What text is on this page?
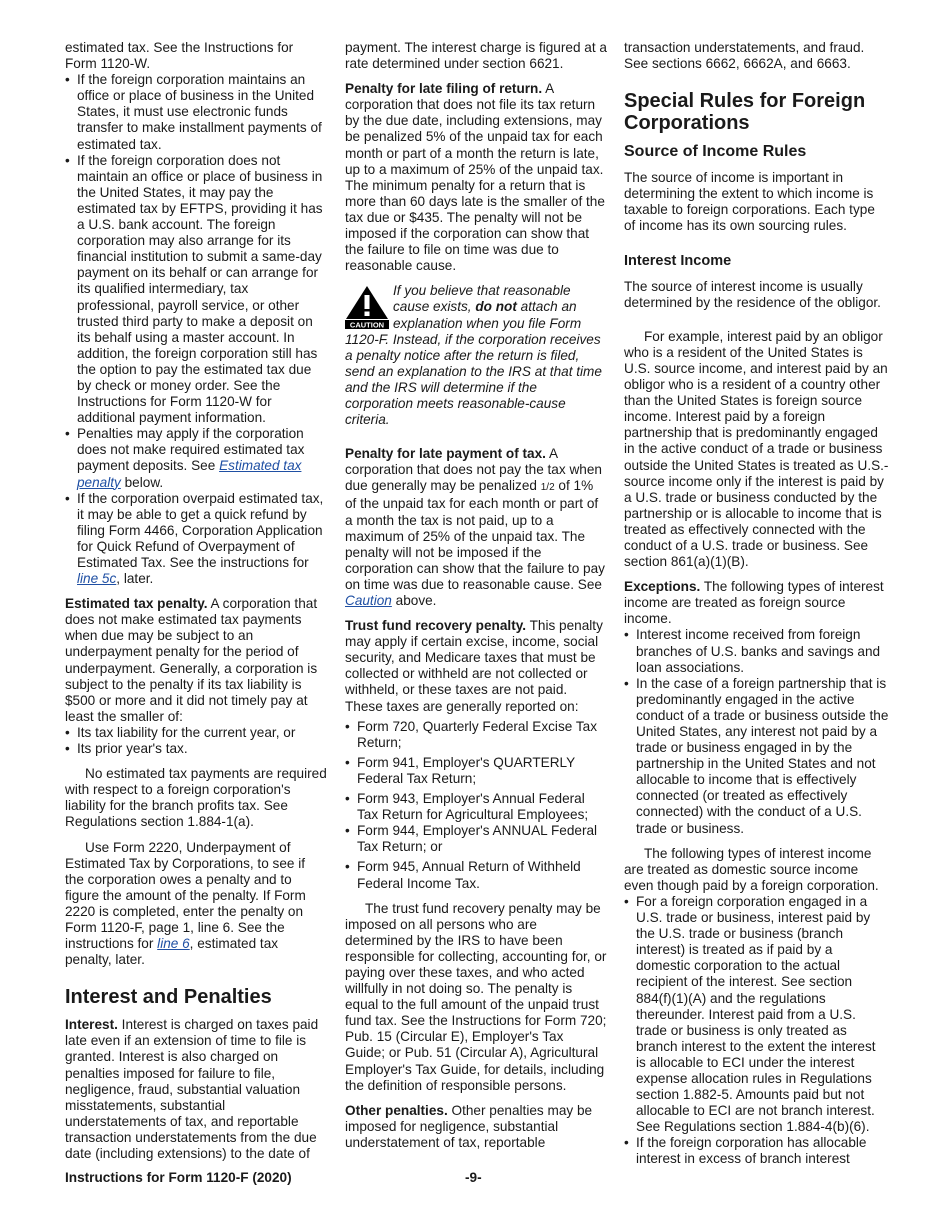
estimated tax. See the Instructions for Form 1120-W.

• If the foreign corporation maintains an office or place of business in the United States, it must use electronic funds transfer to make installment payments of estimated tax.

• If the foreign corporation does not maintain an office or place of business in the United States, it may pay the estimated tax by EFTPS, providing it has a U.S. bank account. The foreign corporation may also arrange for its financial institution to submit a same-day payment on its behalf or can arrange for its qualified intermediary, tax professional, payroll service, or other trusted third party to make a deposit on its behalf using a master account. In addition, the foreign corporation still has the option to pay the estimated tax due by check or money order. See the Instructions for Form 1120-W for additional payment information.

• Penalties may apply if the corporation does not make required estimated tax payment deposits. See Estimated tax penalty below.

• If the corporation overpaid estimated tax, it may be able to get a quick refund by filing Form 4466, Corporation Application for Quick Refund of Overpayment of Estimated Tax. See the instructions for line 5c, later.

Estimated tax penalty. A corporation that does not make estimated tax payments when due may be subject to an underpayment penalty for the period of underpayment. Generally, a corporation is subject to the penalty if its tax liability is $500 or more and it did not timely pay at least the smaller of:

• Its tax liability for the current year, or

• Its prior year's tax.

No estimated tax payments are required with respect to a foreign corporation's liability for the branch profits tax. See Regulations section 1.884-1(a).

Use Form 2220, Underpayment of Estimated Tax by Corporations, to see if the corporation owes a penalty and to figure the amount of the penalty. If Form 2220 is completed, enter the penalty on Form 1120-F, page 1, line 6. See the instructions for line 6, estimated tax penalty, later.

Interest and Penalties

Interest. Interest is charged on taxes paid late even if an extension of time to file is granted. Interest is also charged on penalties imposed for failure to file, negligence, fraud, substantial valuation misstatements, substantial understatements of tax, and reportable transaction understatements from the due date (including extensions) to the date of

payment. The interest charge is figured at a rate determined under section 6621.

Penalty for late filing of return. A corporation that does not file its tax return by the due date, including extensions, may be penalized 5% of the unpaid tax for each month or part of a month the return is late, up to a maximum of 25% of the unpaid tax. The minimum penalty for a return that is more than 60 days late is the smaller of the tax due or $435. The penalty will not be imposed if the corporation can show that the failure to file on time was due to reasonable cause.

CAUTION
If you believe that reasonable cause exists, do not attach an explanation when you file Form 1120-F. Instead, if the corporation receives a penalty notice after the return is filed, send an explanation to the IRS at that time and the IRS will determine if the corporation meets reasonable-cause criteria.

Penalty for late payment of tax. A corporation that does not pay the tax when due generally may be penalized 1/2 of 1% of the unpaid tax for each month or part of a month the tax is not paid, up to a maximum of 25% of the unpaid tax. The penalty will not be imposed if the corporation can show that the failure to pay on time was due to reasonable cause. See Caution above.

Trust fund recovery penalty. This penalty may apply if certain excise, income, social security, and Medicare taxes that must be collected or withheld are not collected or withheld, or these taxes are not paid. These taxes are generally reported on:

• Form 720, Quarterly Federal Excise Tax Return;

• Form 941, Employer's QUARTERLY Federal Tax Return;

• Form 943, Employer's Annual Federal Tax Return for Agricultural Employees;

• Form 944, Employer's ANNUAL Federal Tax Return; or

• Form 945, Annual Return of Withheld Federal Income Tax.

The trust fund recovery penalty may be imposed on all persons who are determined by the IRS to have been responsible for collecting, accounting for, or paying over these taxes, and who acted willfully in not doing so. The penalty is equal to the full amount of the unpaid trust fund tax. See the Instructions for Form 720; Pub. 15 (Circular E), Employer's Tax Guide; or Pub. 51 (Circular A), Agricultural Employer's Tax Guide, for details, including the definition of responsible persons.

Other penalties. Other penalties may be imposed for negligence, substantial understatement of tax, reportable

transaction understatements, and fraud. See sections 6662, 6662A, and 6663.

Special Rules for Foreign Corporations
Source of Income Rules

The source of income is important in determining the extent to which income is taxable to foreign corporations. Each type of income has its own sourcing rules.

Interest Income

The source of interest income is usually determined by the residence of the obligor.

For example, interest paid by an obligor who is a resident of the United States is U.S. source income, and interest paid by an obligor who is a resident of a country other than the United States is foreign source income. Interest paid by a foreign partnership that is predominantly engaged in the active conduct of a trade or business outside the United States is treated as U.S.-source income only if the interest is paid by a U.S. trade or business conducted by the partnership or is allocable to income that is treated as effectively connected with the conduct of a U.S. trade or business. See section 861(a)(1)(B).

Exceptions. The following types of interest income are treated as foreign source income.

• Interest income received from foreign branches of U.S. banks and savings and loan associations.

• In the case of a foreign partnership that is predominantly engaged in the active conduct of a trade or business outside the United States, any interest not paid by a trade or business engaged in by the partnership in the United States and not allocable to income that is effectively connected (or treated as effectively connected) with the conduct of a U.S. trade or business.

The following types of interest income are treated as domestic source income even though paid by a foreign corporation.

• For a foreign corporation engaged in a U.S. trade or business, interest paid by the U.S. trade or business (branch interest) is treated as if paid by a domestic corporation to the actual recipient of the interest. See section 884(f)(1)(A) and the regulations thereunder. Interest paid from a U.S. trade or business is only treated as branch interest to the extent the interest is allocable to ECI under the interest expense allocation rules in Regulations section 1.882-5. Amounts paid but not allocable to ECI are not branch interest. See Regulations section 1.884-4(b)(6).

• If the foreign corporation has allocable interest in excess of branch interest

Instructions for Form 1120-F (2020)	-9-
